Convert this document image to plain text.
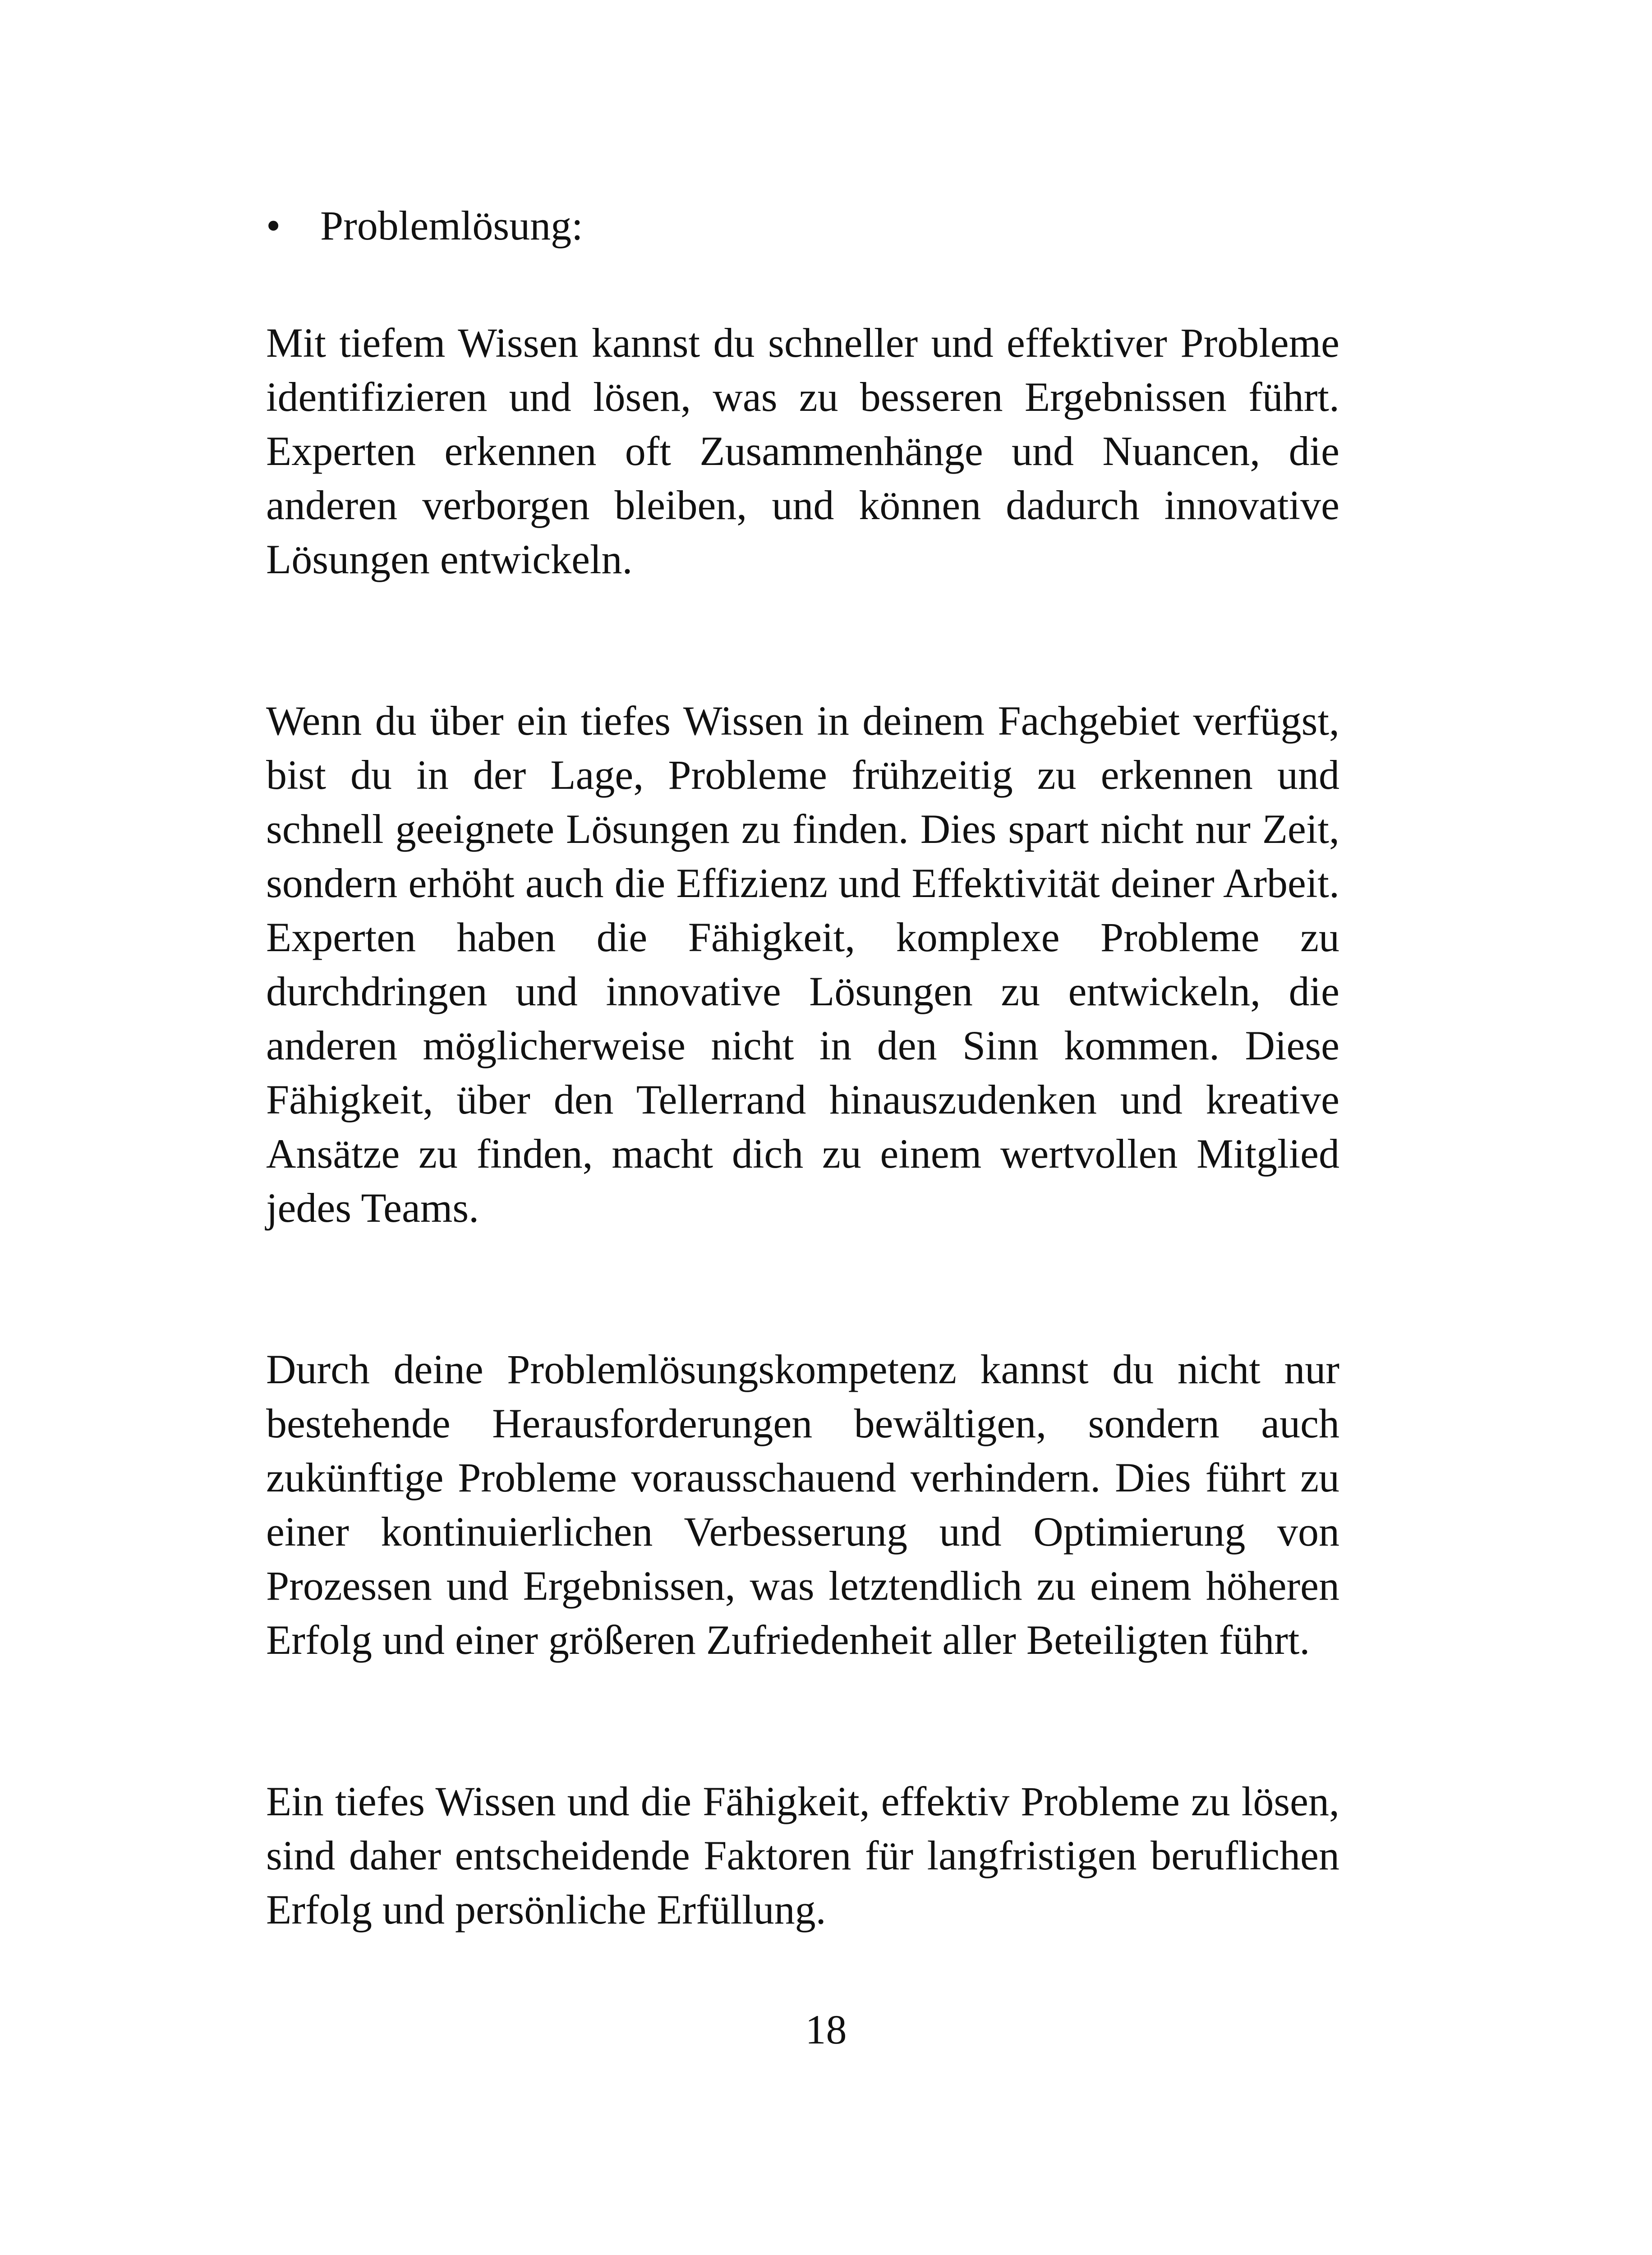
• Problemlösung:

Mit tiefem Wissen kannst du schneller und effektiver Probleme identifizieren und lösen, was zu besseren Ergebnissen führt. Experten erkennen oft Zusammenhänge und Nuancen, die anderen verborgen bleiben, und können dadurch innovative Lösungen entwickeln.

Wenn du über ein tiefes Wissen in deinem Fachgebiet verfügst, bist du in der Lage, Probleme frühzeitig zu erkennen und schnell geeignete Lösungen zu finden. Dies spart nicht nur Zeit, sondern erhöht auch die Effizienz und Effektivität deiner Arbeit. Experten haben die Fähigkeit, komplexe Probleme zu durchdringen und innovative Lösungen zu entwickeln, die anderen möglicherweise nicht in den Sinn kommen. Diese Fähigkeit, über den Tellerrand hinauszudenken und kreative Ansätze zu finden, macht dich zu einem wertvollen Mitglied jedes Teams.

Durch deine Problemlösungskompetenz kannst du nicht nur bestehende Herausforderungen bewältigen, sondern auch zukünftige Probleme vorausschauend verhindern. Dies führt zu einer kontinuierlichen Verbesserung und Optimierung von Prozessen und Ergebnissen, was letztendlich zu einem höheren Erfolg und einer größeren Zufriedenheit aller Beteiligten führt.

Ein tiefes Wissen und die Fähigkeit, effektiv Probleme zu lösen, sind daher entscheidende Faktoren für langfristigen beruflichen Erfolg und persönliche Erfüllung.

18
